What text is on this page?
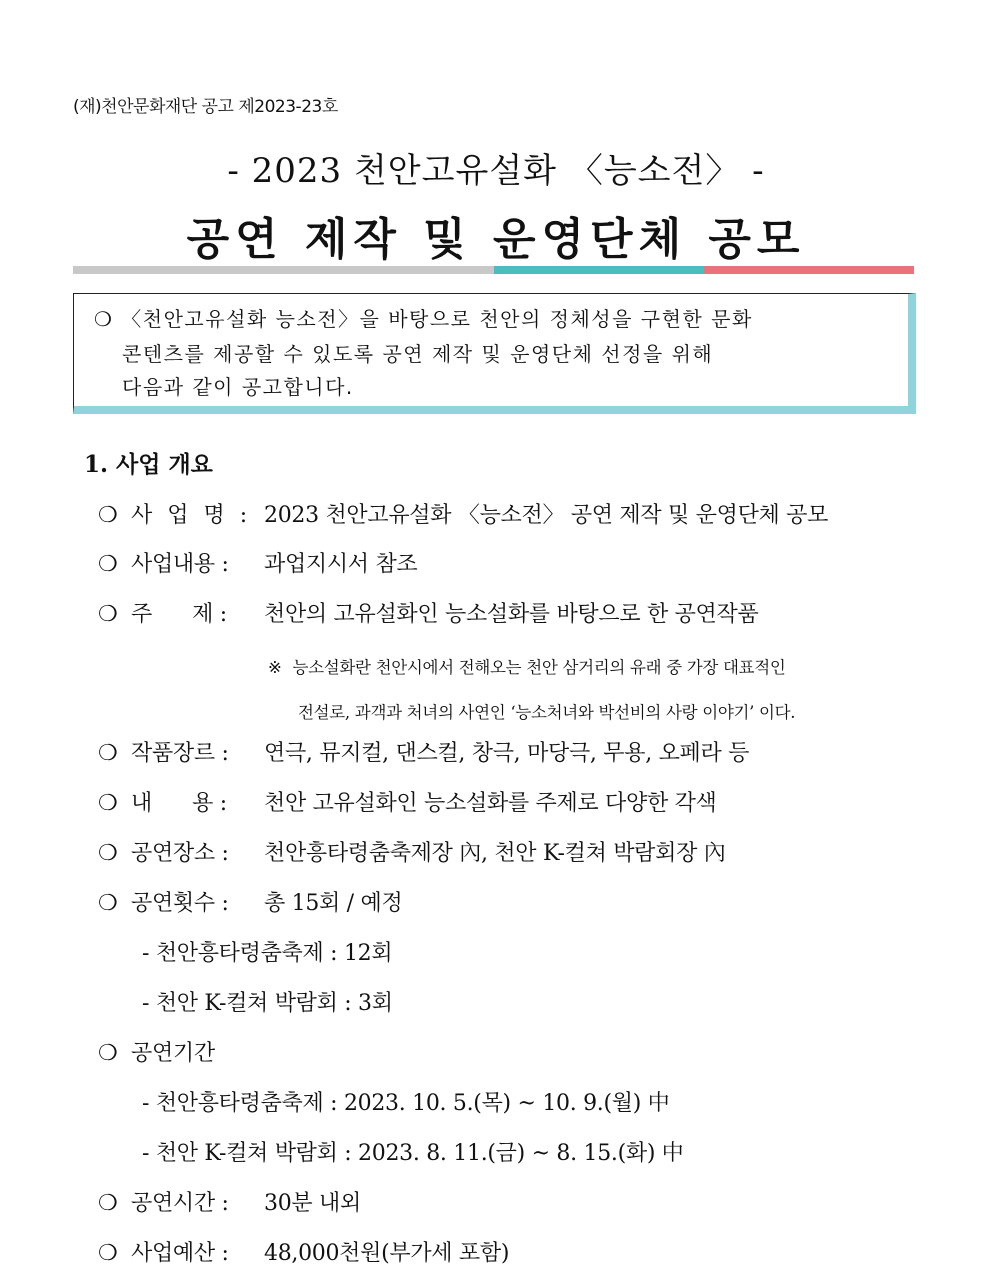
(재)천안문화재단 공고 제2023-23호
- 2023 천안고유설화 〈능소전〉 -
공연 제작 및 운영단체 공모
❍ 〈천안고유설화 능소전〉을 바탕으로 천안의 정체성을 구현한 문화
콘텐츠를 제공할 수 있도록 공연 제작 및 운영단체 선정을 위해
다음과 같이 공고합니다.
1. 사업 개요
❍ 사 업 명 : 2023 천안고유설화 〈능소전〉 공연 제작 및 운영단체 공모
❍ 사업내용 : 과업지시서 참조
❍ 주      제 : 천안의 고유설화인 능소설화를 바탕으로 한 공연작품
※ 능소설화란 천안시에서 전해오는 천안 삼거리의 유래 중 가장 대표적인
전설로, 과객과 처녀의 사연인 ‘능소처녀와 박선비의 사랑 이야기’ 이다.
❍ 작품장르 : 연극, 뮤지컬, 댄스컬, 창극, 마당극, 무용, 오페라 등
❍ 내      용 : 천안 고유설화인 능소설화를 주제로 다양한 각색
❍ 공연장소 : 천안흥타령춤축제장 內, 천안 K-컬쳐 박람회장 內
❍ 공연횟수 : 총 15회 / 예정
- 천안흥타령춤축제 : 12회
- 천안 K-컬쳐 박람회 : 3회
❍ 공연기간
- 천안흥타령춤축제 : 2023. 10. 5.(목) ~ 10. 9.(월) 中
- 천안 K-컬쳐 박람회 : 2023. 8. 11.(금) ~ 8. 15.(화) 中
❍ 공연시간 : 30분 내외
❍ 사업예산 : 48,000천원(부가세 포함)
